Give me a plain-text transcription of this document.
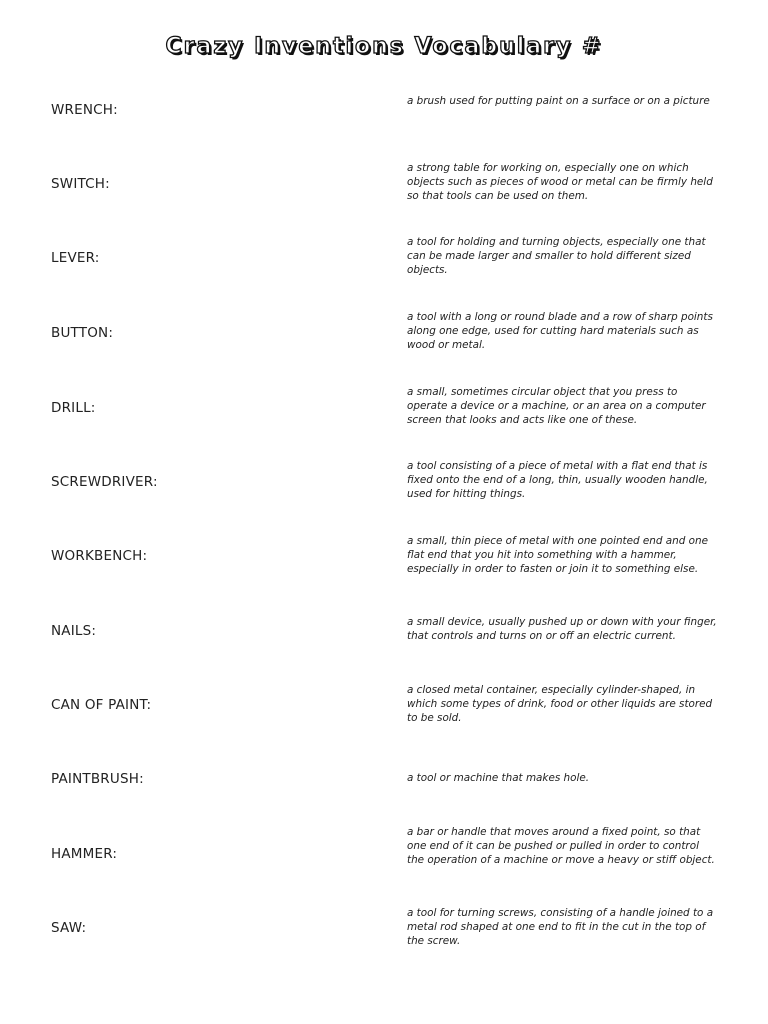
Crazy Inventions Vocabulary #
WRENCH:
a brush used for putting paint on a surface or on a picture
SWITCH:
a strong table for working on, especially one on which objects such as pieces of wood or metal can be firmly held so that tools can be used on them.
LEVER:
a tool for holding and turning objects, especially one that can be made larger and smaller to hold different sized objects.
BUTTON:
a tool with a long or round blade and a row of sharp points along one edge, used for cutting hard materials such as wood or metal.
DRILL:
a small, sometimes circular object that you press to operate a device or a machine, or an area on a computer screen that looks and acts like one of these.
SCREWDRIVER:
a tool consisting of a piece of metal with a flat end that is fixed onto the end of a long, thin, usually wooden handle, used for hitting things.
WORKBENCH:
a small, thin piece of metal with one pointed end and one flat end that you hit into something with a hammer, especially in order to fasten or join it to something else.
NAILS:
a small device, usually pushed up or down with your finger, that controls and turns on or off an electric current.
CAN OF PAINT:
a closed metal container, especially cylinder-shaped, in which some types of drink, food or other liquids are stored to be sold.
PAINTBRUSH:	a tool or machine that makes hole.
HAMMER:
a bar or handle that moves around a fixed point, so that one end of it can be pushed or pulled in order to control the operation of a machine or move a heavy or stiff object.
SAW:
a tool for turning screws, consisting of a handle joined to a metal rod shaped at one end to fit in the cut in the top of the screw.
